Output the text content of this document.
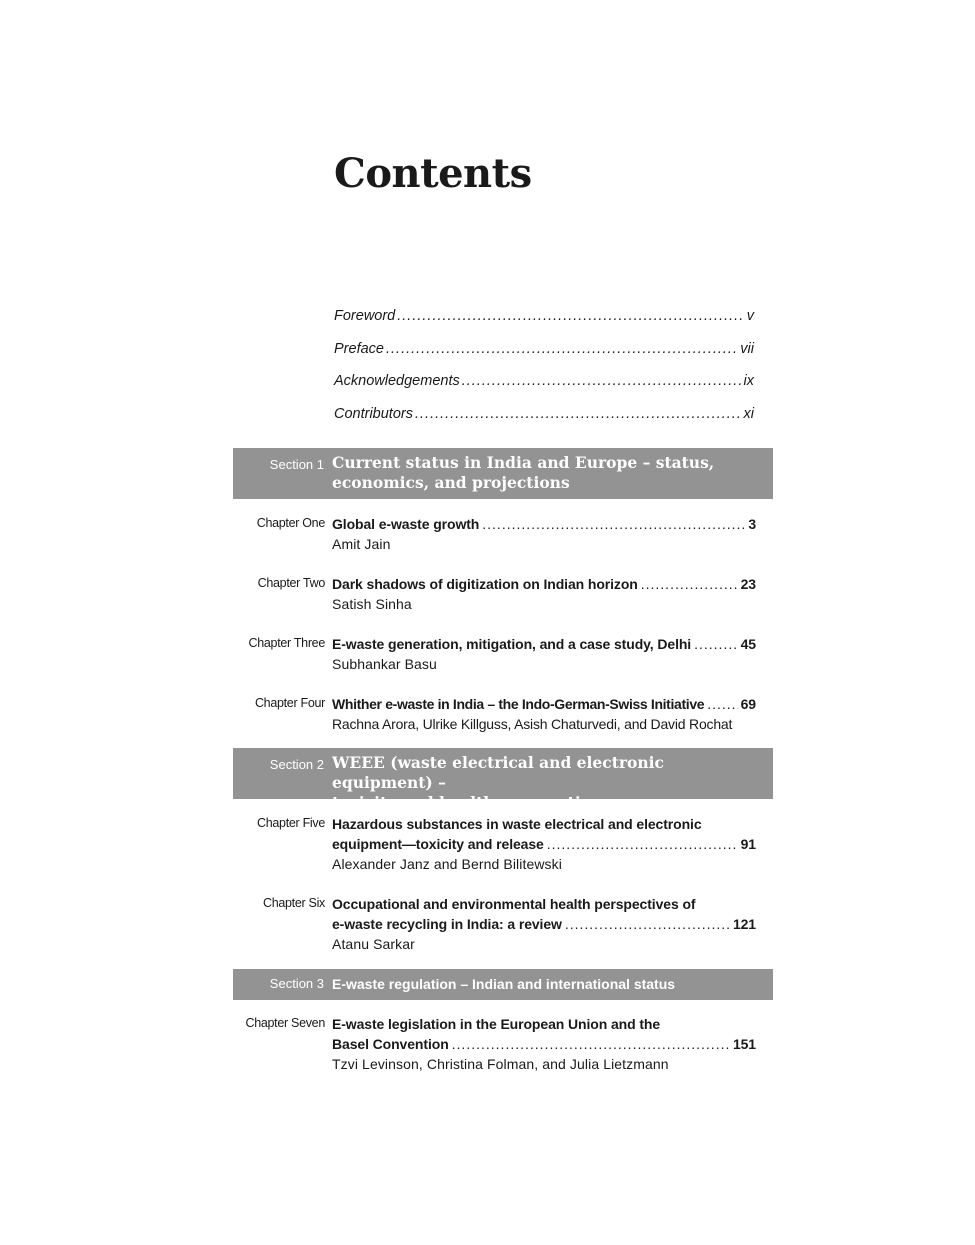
Contents
Foreword .....	v
Preface .....	vii
Acknowledgements .....	ix
Contributors .....	xi
Section 1 Current status in India and Europe – status,
economics, and projections
Chapter One Global e-waste growth .....	3
Amit Jain
Chapter Two Dark shadows of digitization on Indian horizon .....	23
Satish Sinha
Chapter Three E-waste generation, mitigation, and a case study, Delhi .....	45
Subhankar Basu
Chapter Four Whither e-waste in India – the Indo-German-Swiss Initiative .....	69
Rachna Arora, Ulrike Killguss, Asish Chaturvedi, and David Rochat
Section 2 WEEE (waste electrical and electronic equipment) –
toxicity and health perspective
Chapter Five Hazardous substances in waste electrical and electronic
equipment—toxicity and release .....	91
Alexander Janz and Bernd Bilitewski
Chapter Six Occupational and environmental health perspectives of
e-waste recycling in India: a review .....	121
Atanu Sarkar
Section 3 E-waste regulation – Indian and international status
Chapter Seven E-waste legislation in the European Union and the
Basel Convention .....	151
Tzvi Levinson, Christina Folman, and Julia Lietzmann
